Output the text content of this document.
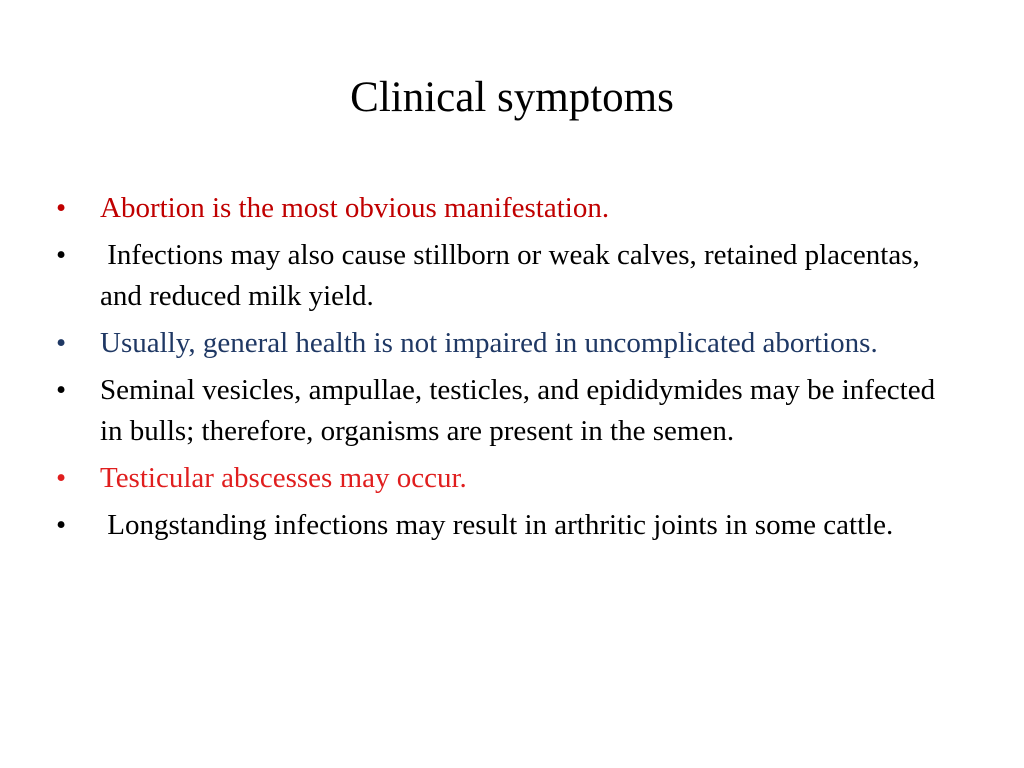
Clinical symptoms
•	Abortion is the most obvious manifestation.
•	Infections may also cause stillborn or weak calves, retained placentas, and reduced milk yield.
•	Usually, general health is not impaired in uncomplicated abortions.
•	Seminal vesicles, ampullae, testicles, and epididymides may be infected in bulls; therefore, organisms are present in the semen.
•	Testicular abscesses may occur.
•	Longstanding infections may result in arthritic joints in some cattle.
